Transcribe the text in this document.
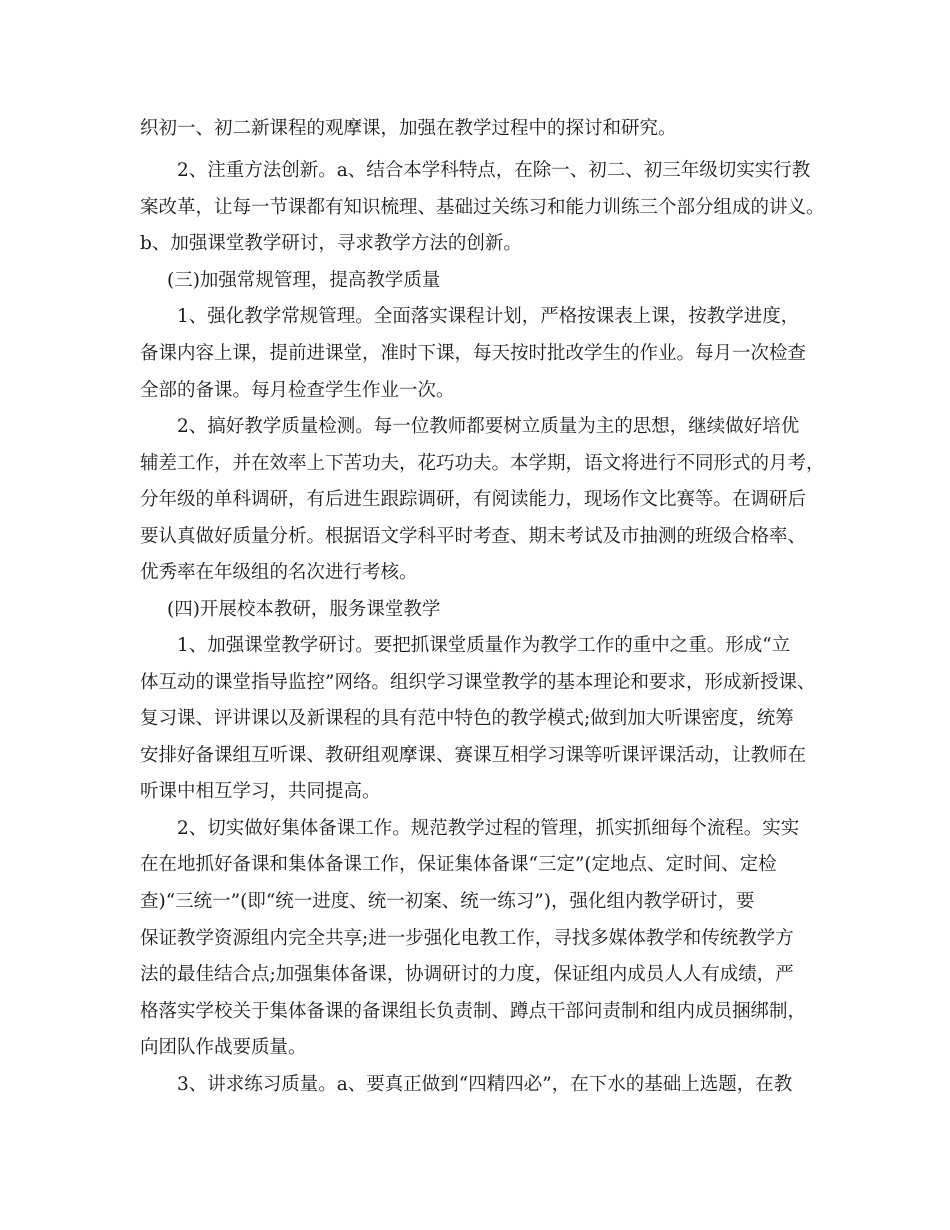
织初一、初二新课程的观摩课，加强在教学过程中的探讨和研究。
2、注重方法创新。a、结合本学科特点，在除一、初二、初三年级切实实行教
案改革，让每一节课都有知识梳理、基础过关练习和能力训练三个部分组成的讲义。
b、加强课堂教学研讨，寻求教学方法的创新。
(三)加强常规管理，提高教学质量
1、强化教学常规管理。全面落实课程计划，严格按课表上课，按教学进度，
备课内容上课，提前进课堂，准时下课，每天按时批改学生的作业。每月一次检查
全部的备课。每月检查学生作业一次。
2、搞好教学质量检测。每一位教师都要树立质量为主的思想，继续做好培优
辅差工作，并在效率上下苦功夫，花巧功夫。本学期，语文将进行不同形式的月考，
分年级的单科调研，有后进生跟踪调研，有阅读能力，现场作文比赛等。在调研后
要认真做好质量分析。根据语文学科平时考查、期末考试及市抽测的班级合格率、
优秀率在年级组的名次进行考核。
(四)开展校本教研，服务课堂教学
1、加强课堂教学研讨。要把抓课堂质量作为教学工作的重中之重。形成“立
体互动的课堂指导监控”网络。组织学习课堂教学的基本理论和要求，形成新授课、
复习课、评讲课以及新课程的具有范中特色的教学模式;做到加大听课密度，统筹
安排好备课组互听课、教研组观摩课、赛课互相学习课等听课评课活动，让教师在
听课中相互学习，共同提高。
2、切实做好集体备课工作。规范教学过程的管理，抓实抓细每个流程。实实
在在地抓好备课和集体备课工作，保证集体备课“三定”(定地点、定时间、定检
查)“三统一”(即“统一进度、统一初案、统一练习”)，强化组内教学研讨，要
保证教学资源组内完全共享;进一步强化电教工作，寻找多媒体教学和传统教学方
法的最佳结合点;加强集体备课，协调研讨的力度，保证组内成员人人有成绩，严
格落实学校关于集体备课的备课组长负责制、蹲点干部问责制和组内成员捆绑制，
向团队作战要质量。
3、讲求练习质量。a、要真正做到“四精四必”，在下水的基础上选题，在教
